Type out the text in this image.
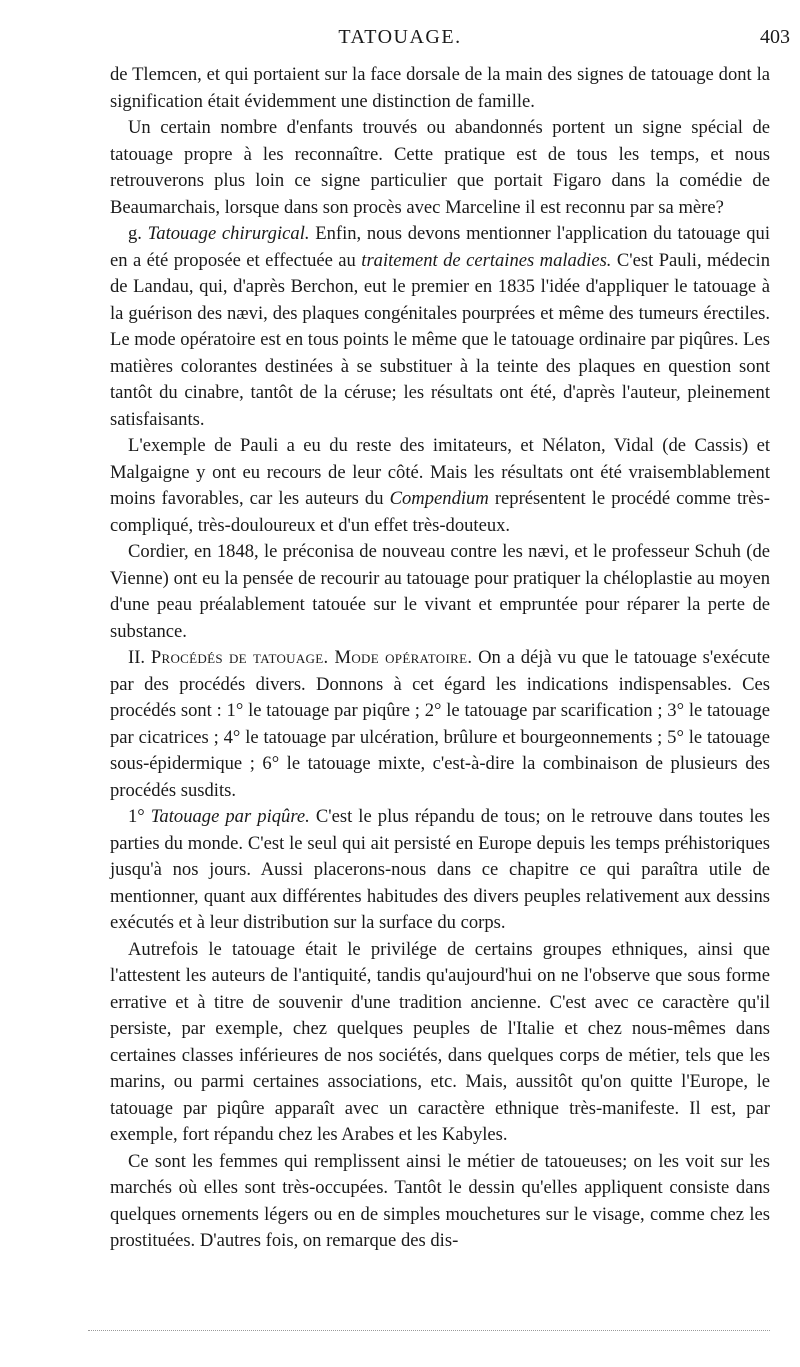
TATOUAGE.	403

de Tlemcen, et qui portaient sur la face dorsale de la main des signes de tatouage dont la signification était évidemment une distinction de famille.

Un certain nombre d'enfants trouvés ou abandonnés portent un signe spécial de tatouage propre à les reconnaître. Cette pratique est de tous les temps, et nous retrouverons plus loin ce signe particulier que portait Figaro dans la comédie de Beaumarchais, lorsque dans son procès avec Marceline il est reconnu par sa mère?

g. Tatouage chirurgical. Enfin, nous devons mentionner l'application du tatouage qui en a été proposée et effectuée au traitement de certaines maladies. C'est Pauli, médecin de Landau, qui, d'après Berchon, eut le premier en 1835 l'idée d'appliquer le tatouage à la guérison des nævi, des plaques congénitales pourprées et même des tumeurs érectiles. Le mode opératoire est en tous points le même que le tatouage ordinaire par piqûres. Les matières colorantes destinées à se substituer à la teinte des plaques en question sont tantôt du cinabre, tantôt de la céruse; les résultats ont été, d'après l'auteur, pleinement satisfaisants.

L'exemple de Pauli a eu du reste des imitateurs, et Nélaton, Vidal (de Cassis) et Malgaigne y ont eu recours de leur côté. Mais les résultats ont été vraisemblablement moins favorables, car les auteurs du Compendium représentent le procédé comme très-compliqué, très-douloureux et d'un effet très-douteux.

Cordier, en 1848, le préconisa de nouveau contre les nævi, et le professeur Schuh (de Vienne) ont eu la pensée de recourir au tatouage pour pratiquer la chéloplastie au moyen d'une peau préalablement tatouée sur le vivant et empruntée pour réparer la perte de substance.

II. Procédés de tatouage. Mode opératoire. On a déjà vu que le tatouage s'exécute par des procédés divers. Donnons à cet égard les indications indispensables. Ces procédés sont : 1° le tatouage par piqûre ; 2° le tatouage par scarification ; 3° le tatouage par cicatrices ; 4° le tatouage par ulcération, brûlure et bourgeonnements ; 5° le tatouage sous-épidermique ; 6° le tatouage mixte, c'est-à-dire la combinaison de plusieurs des procédés susdits.

1° Tatouage par piqûre. C'est le plus répandu de tous; on le retrouve dans toutes les parties du monde. C'est le seul qui ait persisté en Europe depuis les temps préhistoriques jusqu'à nos jours. Aussi placerons-nous dans ce chapitre ce qui paraîtra utile de mentionner, quant aux différentes habitudes des divers peuples relativement aux dessins exécutés et à leur distribution sur la surface du corps.

Autrefois le tatouage était le privilége de certains groupes ethniques, ainsi que l'attestent les auteurs de l'antiquité, tandis qu'aujourd'hui on ne l'observe que sous forme errative et à titre de souvenir d'une tradition ancienne. C'est avec ce caractère qu'il persiste, par exemple, chez quelques peuples de l'Italie et chez nous-mêmes dans certaines classes inférieures de nos sociétés, dans quelques corps de métier, tels que les marins, ou parmi certaines associations, etc. Mais, aussitôt qu'on quitte l'Europe, le tatouage par piqûre apparaît avec un caractère ethnique très-manifeste. Il est, par exemple, fort répandu chez les Arabes et les Kabyles.

Ce sont les femmes qui remplissent ainsi le métier de tatoueuses; on les voit sur les marchés où elles sont très-occupées. Tantôt le dessin qu'elles appliquent consiste dans quelques ornements légers ou en de simples mouchetures sur le visage, comme chez les prostituées. D'autres fois, on remarque des dis-
